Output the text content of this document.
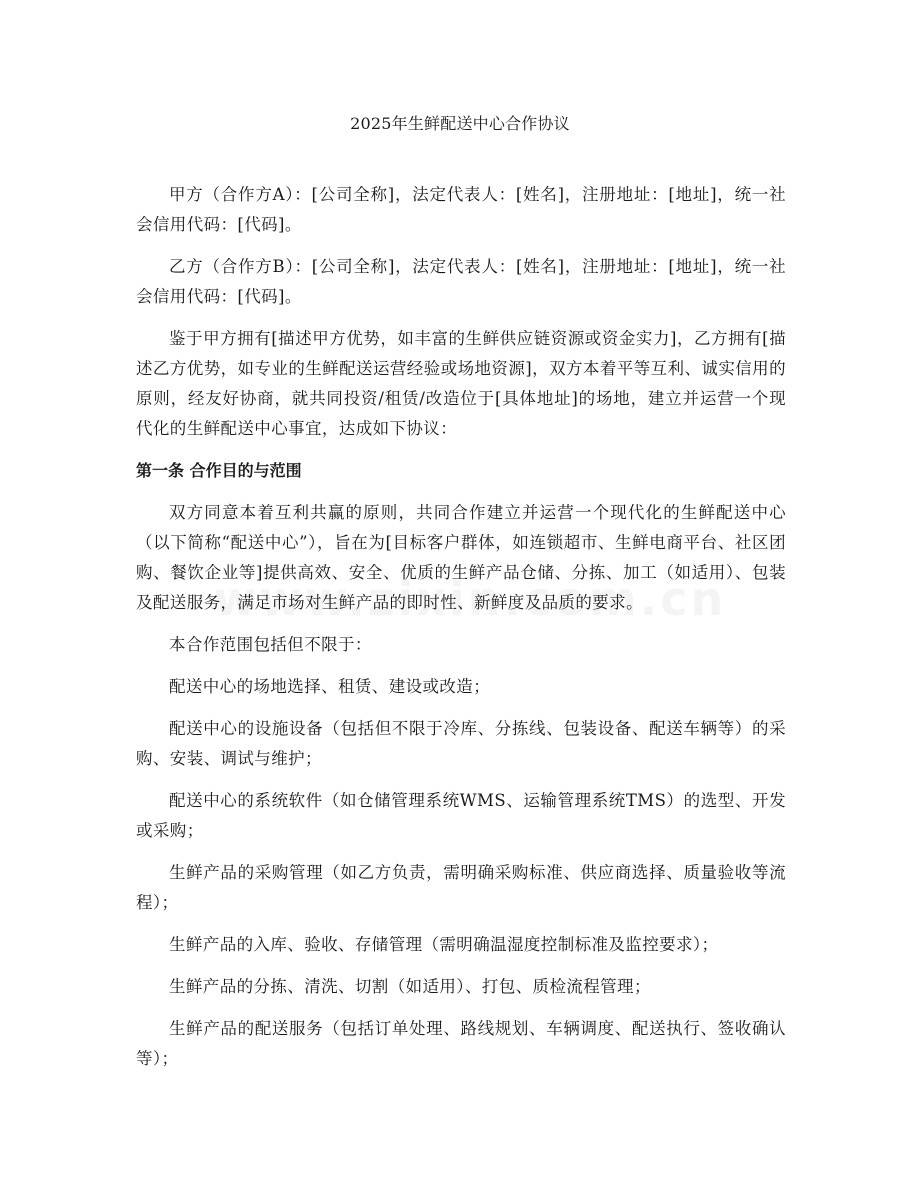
2025年生鲜配送中心合作协议

甲方（合作方A）：[公司全称]，法定代表人：[姓名]，注册地址：[地址]，统一社会信用代码：[代码]。

乙方（合作方B）：[公司全称]，法定代表人：[姓名]，注册地址：[地址]，统一社会信用代码：[代码]。

鉴于甲方拥有[描述甲方优势，如丰富的生鲜供应链资源或资金实力]，乙方拥有[描述乙方优势，如专业的生鲜配送运营经验或场地资源]，双方本着平等互利、诚实信用的原则，经友好协商，就共同投资/租赁/改造位于[具体地址]的场地，建立并运营一个现代化的生鲜配送中心事宜，达成如下协议：

第一条 合作目的与范围

双方同意本着互利共赢的原则，共同合作建立并运营一个现代化的生鲜配送中心（以下简称“配送中心”），旨在为[目标客户群体，如连锁超市、生鲜电商平台、社区团购、餐饮企业等]提供高效、安全、优质的生鲜产品仓储、分拣、加工（如适用）、包装及配送服务，满足市场对生鲜产品的即时性、新鲜度及品质的要求。

本合作范围包括但不限于：

配送中心的场地选择、租赁、建设或改造；

配送中心的设施设备（包括但不限于冷库、分拣线、包装设备、配送车辆等）的采购、安装、调试与维护；

配送中心的系统软件（如仓储管理系统WMS、运输管理系统TMS）的选型、开发或采购；

生鲜产品的采购管理（如乙方负责，需明确采购标准、供应商选择、质量验收等流程）；

生鲜产品的入库、验收、存储管理（需明确温湿度控制标准及监控要求）；

生鲜产品的分拣、清洗、切割（如适用）、打包、质检流程管理；

生鲜产品的配送服务（包括订单处理、路线规划、车辆调度、配送执行、签收确认等）；
